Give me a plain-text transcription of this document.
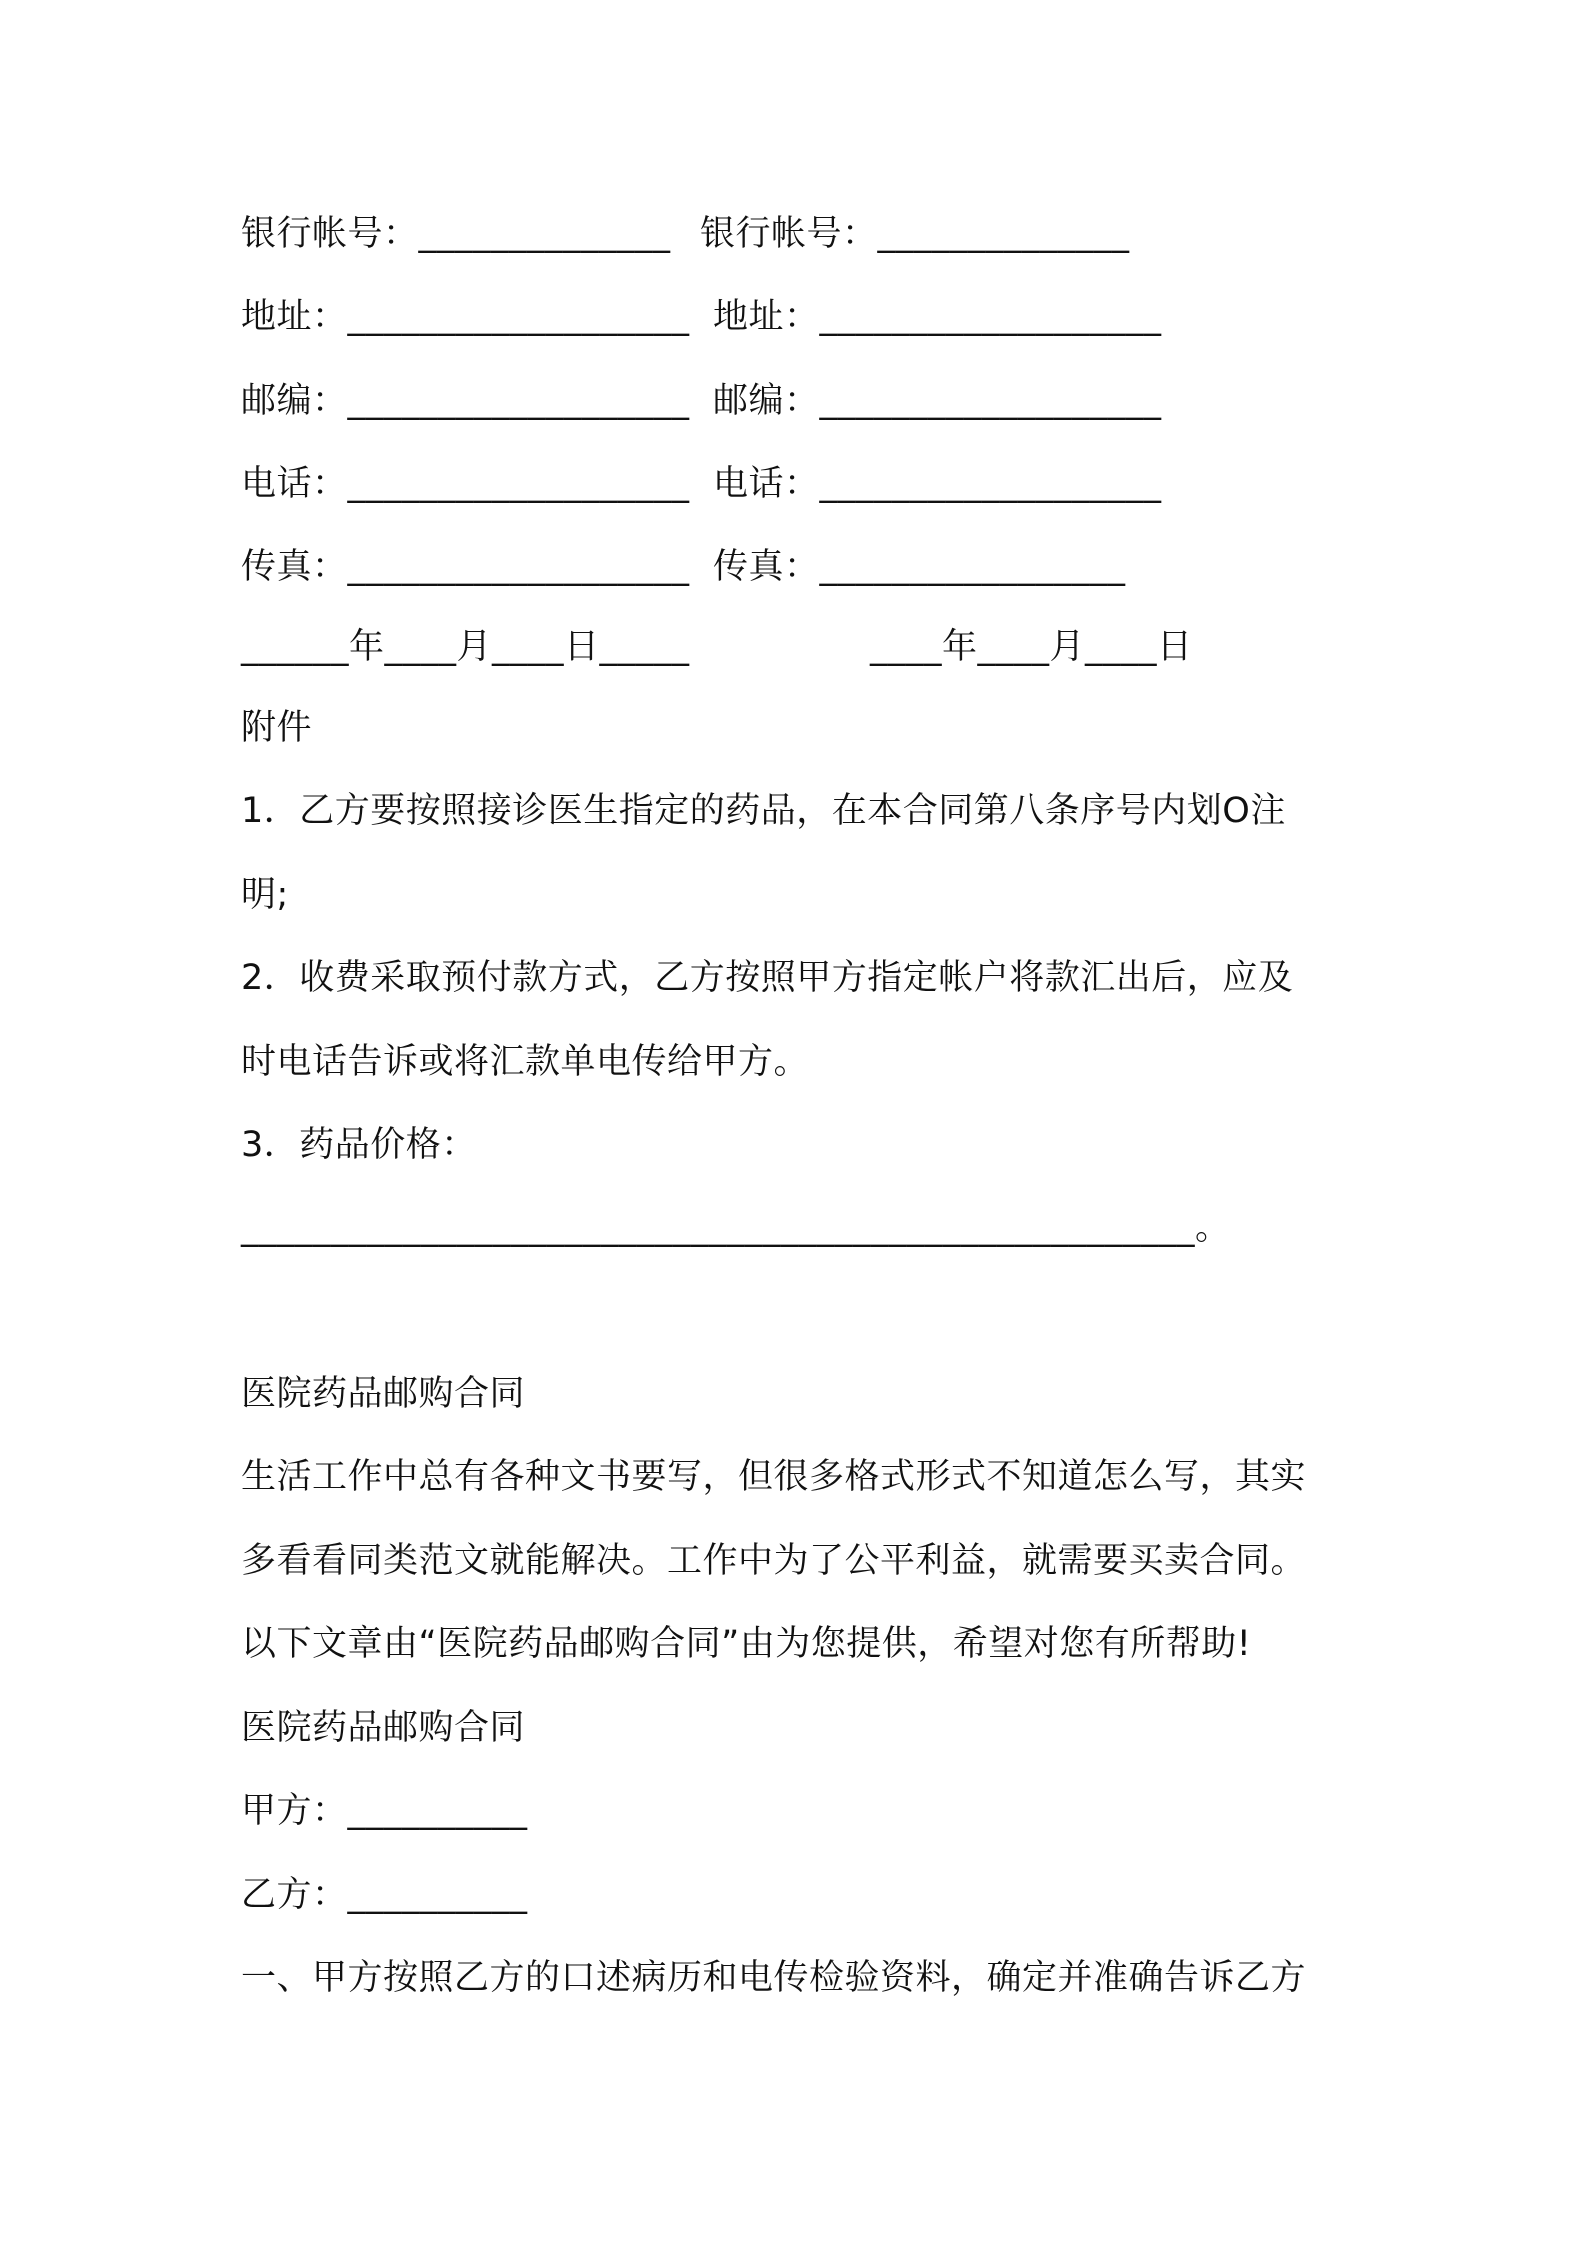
银行帐号：______________ 银行帐号：______________
地址：___________________ 地址：___________________
邮编：___________________ 邮编：___________________
电话：___________________ 电话：___________________
传真：___________________ 传真：_________________
______年____月____日_____	____年____月____日
附件
1．乙方要按照接诊医生指定的药品，在本合同第八条序号内划O注
明;
2．收费采取预付款方式，乙方按照甲方指定帐户将款汇出后，应及
时电话告诉或将汇款单电传给甲方。
3．药品价格：
_____________________________________________________。
医院药品邮购合同
生活工作中总有各种文书要写，但很多格式形式不知道怎么写，其实
多看看同类范文就能解决。工作中为了公平利益，就需要买卖合同。
以下文章由“医院药品邮购合同”由为您提供，希望对您有所帮助!
医院药品邮购合同
甲方：__________
乙方：__________
一、甲方按照乙方的口述病历和电传检验资料，确定并准确告诉乙方
